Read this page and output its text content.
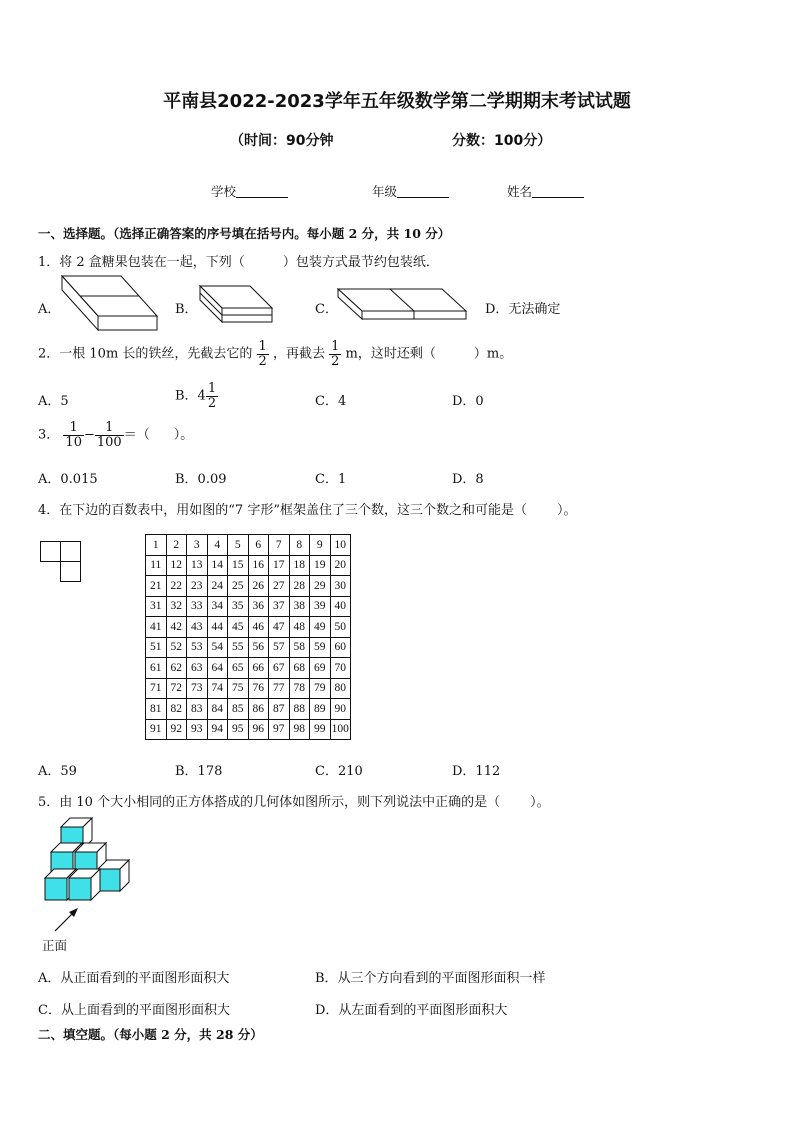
平南县2022-2023学年五年级数学第二学期期末考试试题
（时间：90分钟	分数：100分）
学校	年级	姓名
一、选择题。（选择正确答案的序号填在括号内。每小题 2 分，共 10 分）
1．将 2 盒糖果包装在一起，下列（	）包装方式最节约包装纸．
A．	B．	C．	D．无法确定
2．一根 10m 长的铁丝，先截去它的 $\frac{1}{2}$ ，再截去 $\frac{1}{2}$ m，这时还剩（	）m。
A．5	B．$4 \frac{1}{2}$	C．4	D．0
3． $\frac{1}{10} - \frac{1}{100}$ ＝（ ）。
A．0.015	B．0.09	C．1	D．8
4．在下边的百数表中，用如图的“7 字形”框架盖住了三个数，这三个数之和可能是（ ）。
1	2	3	4	5	6	7	8	9	10
11	12	13	14	15	16	17	18	19	20
21	22	23	24	25	26	27	28	29	30
31	32	33	34	35	36	37	38	39	40
41	42	43	44	45	46	47	48	49	50
51	52	53	54	55	56	57	58	59	60
61	62	63	64	65	66	67	68	69	70
71	72	73	74	75	76	77	78	79	80
81	82	83	84	85	86	87	88	89	90
91	92	93	94	95	96	97	98	99	100
A．59	B．178	C．210	D．112
5．由 10 个大小相同的正方体搭成的几何体如图所示，则下列说法中正确的是（ ）。
正面
A．从正面看到的平面图形面积大	B．从三个方向看到的平面图形面积一样
C．从上面看到的平面图形面积大	D．从左面看到的平面图形面积大
二、填空题。（每小题 2 分，共 28 分）
